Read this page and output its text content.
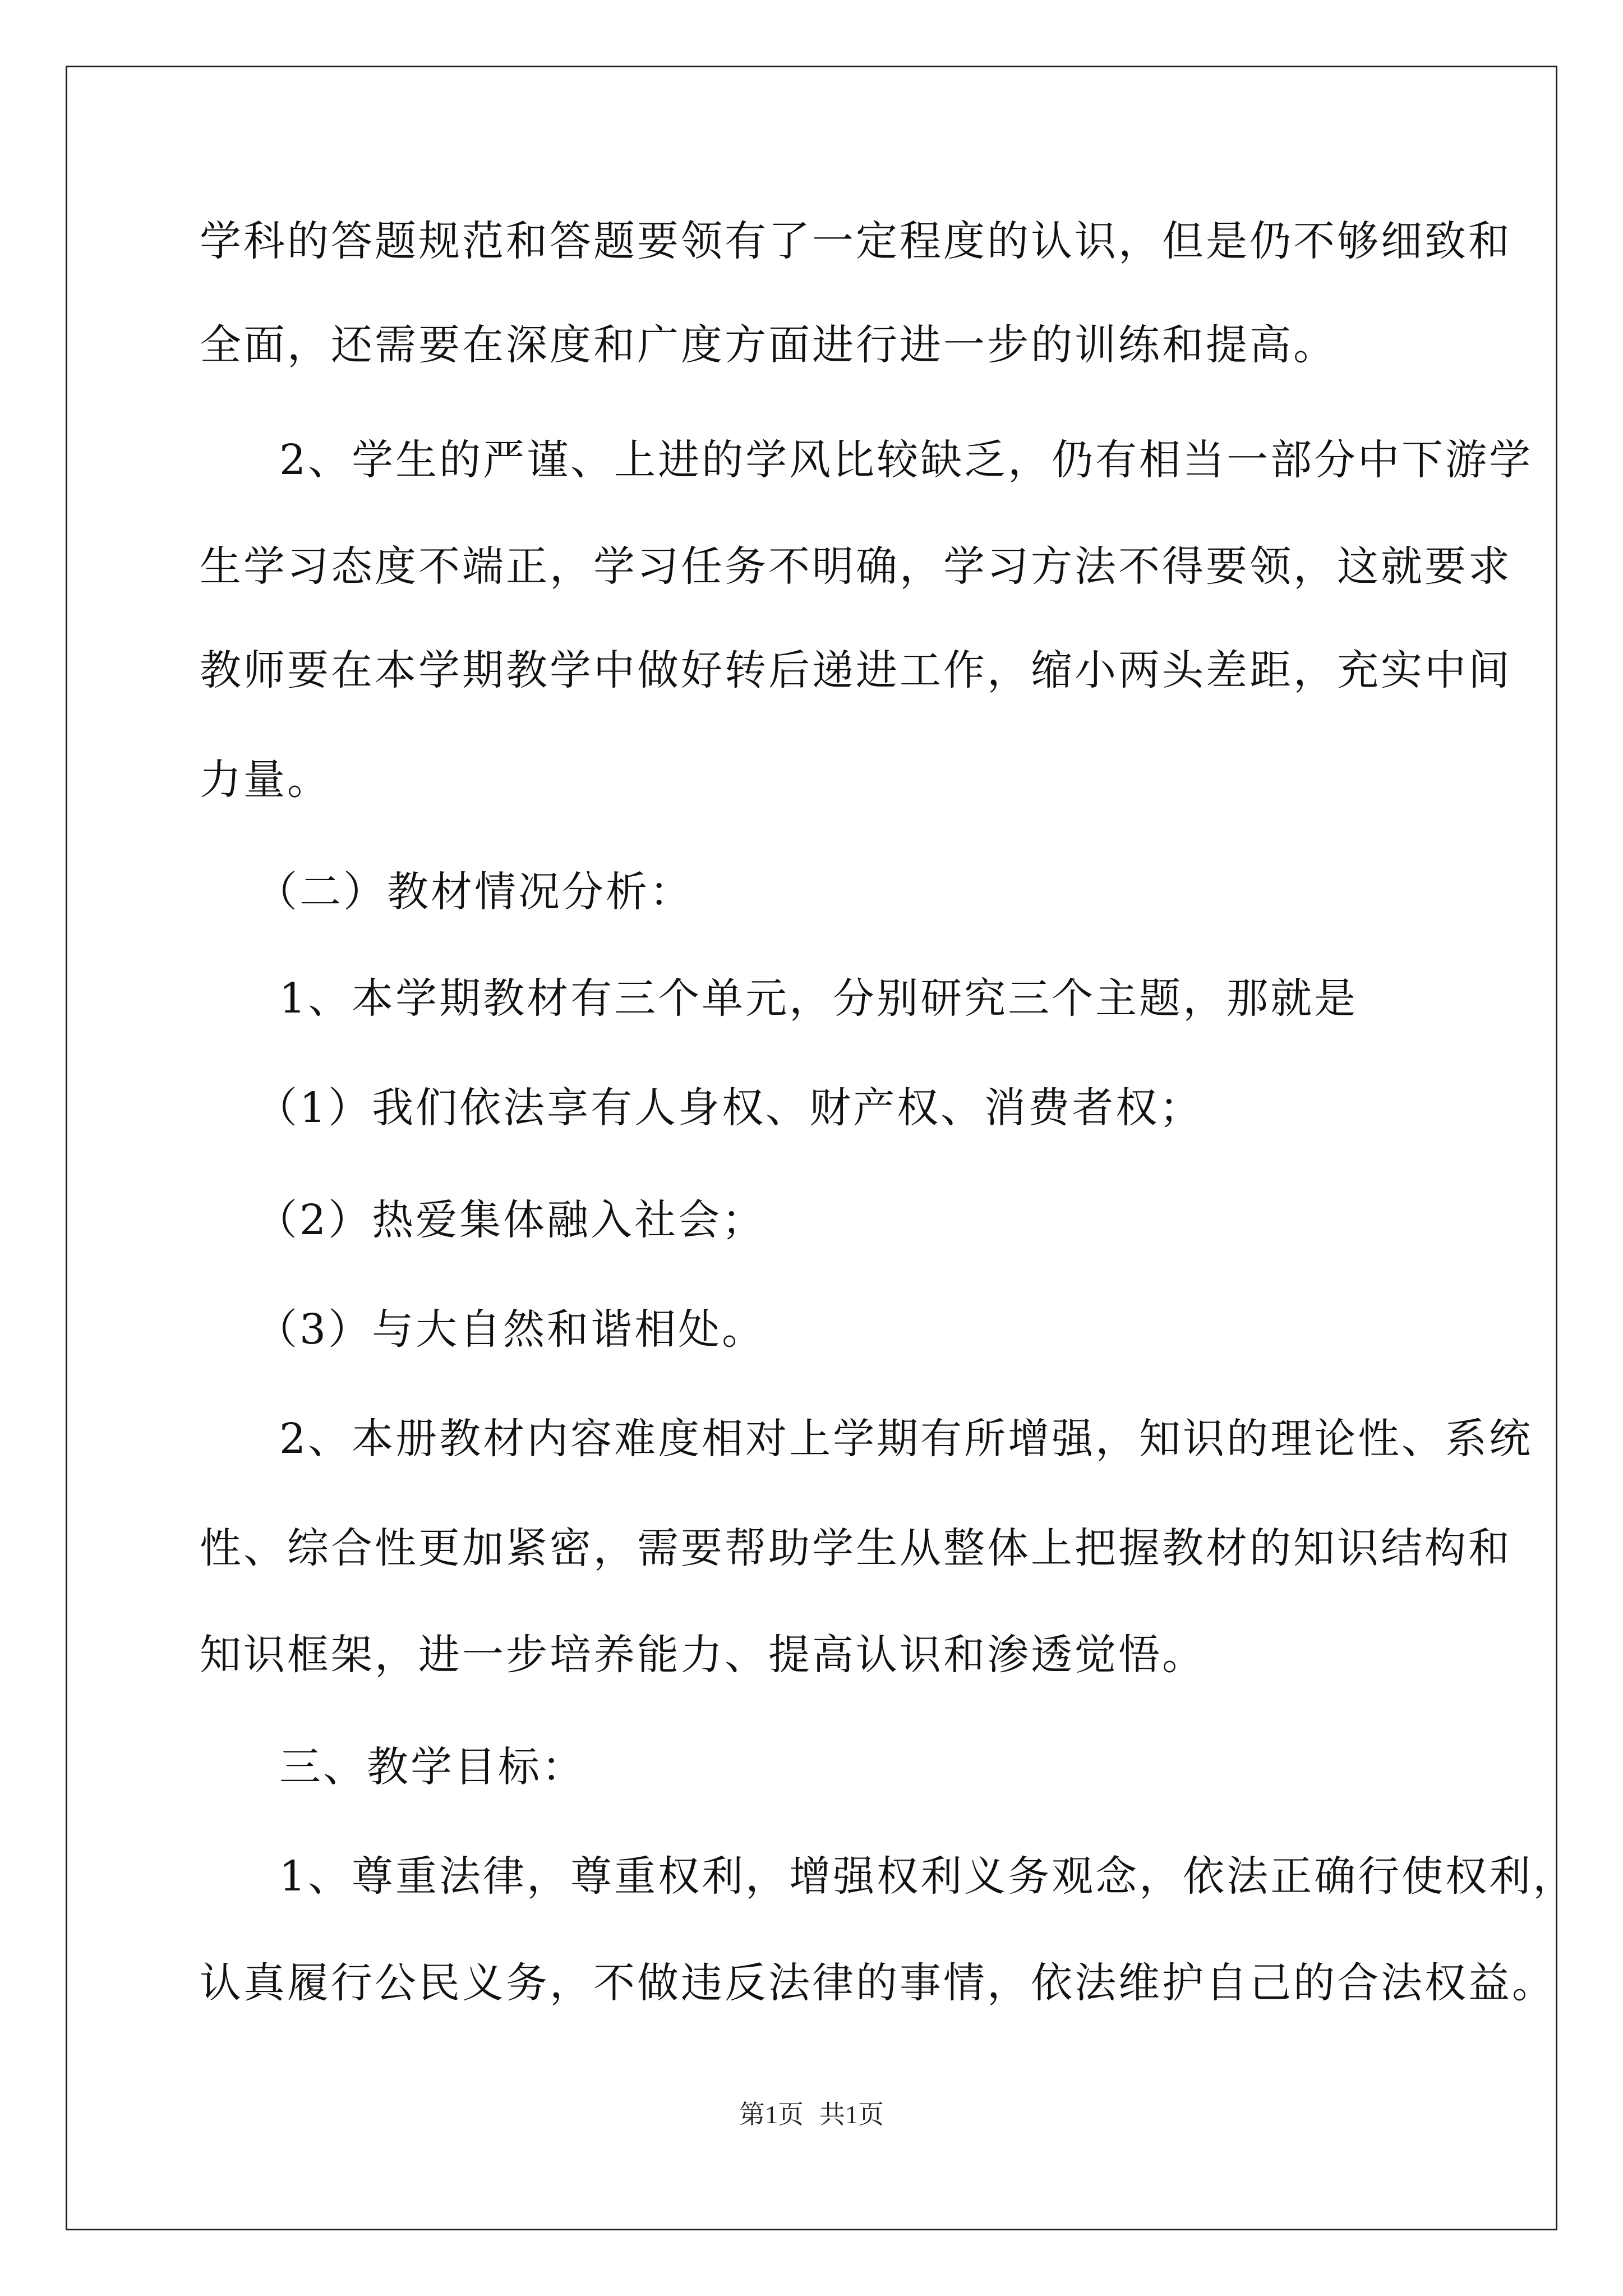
学科的答题规范和答题要领有了一定程度的认识，但是仍不够细致和
全面，还需要在深度和广度方面进行进一步的训练和提高。
2、学生的严谨、上进的学风比较缺乏，仍有相当一部分中下游学
生学习态度不端正，学习任务不明确，学习方法不得要领，这就要求
教师要在本学期教学中做好转后递进工作，缩小两头差距，充实中间
力量。
（二）教材情况分析：
1、本学期教材有三个单元，分别研究三个主题，那就是
（1）我们依法享有人身权、财产权、消费者权；
（2）热爱集体融入社会；
（3）与大自然和谐相处。
2、本册教材内容难度相对上学期有所增强，知识的理论性、系统
性、综合性更加紧密，需要帮助学生从整体上把握教材的知识结构和
知识框架，进一步培养能力、提高认识和渗透觉悟。
三、教学目标：
1、尊重法律，尊重权利，增强权利义务观念，依法正确行使权利，
认真履行公民义务，不做违反法律的事情，依法维护自己的合法权益。
第1页 共1页
